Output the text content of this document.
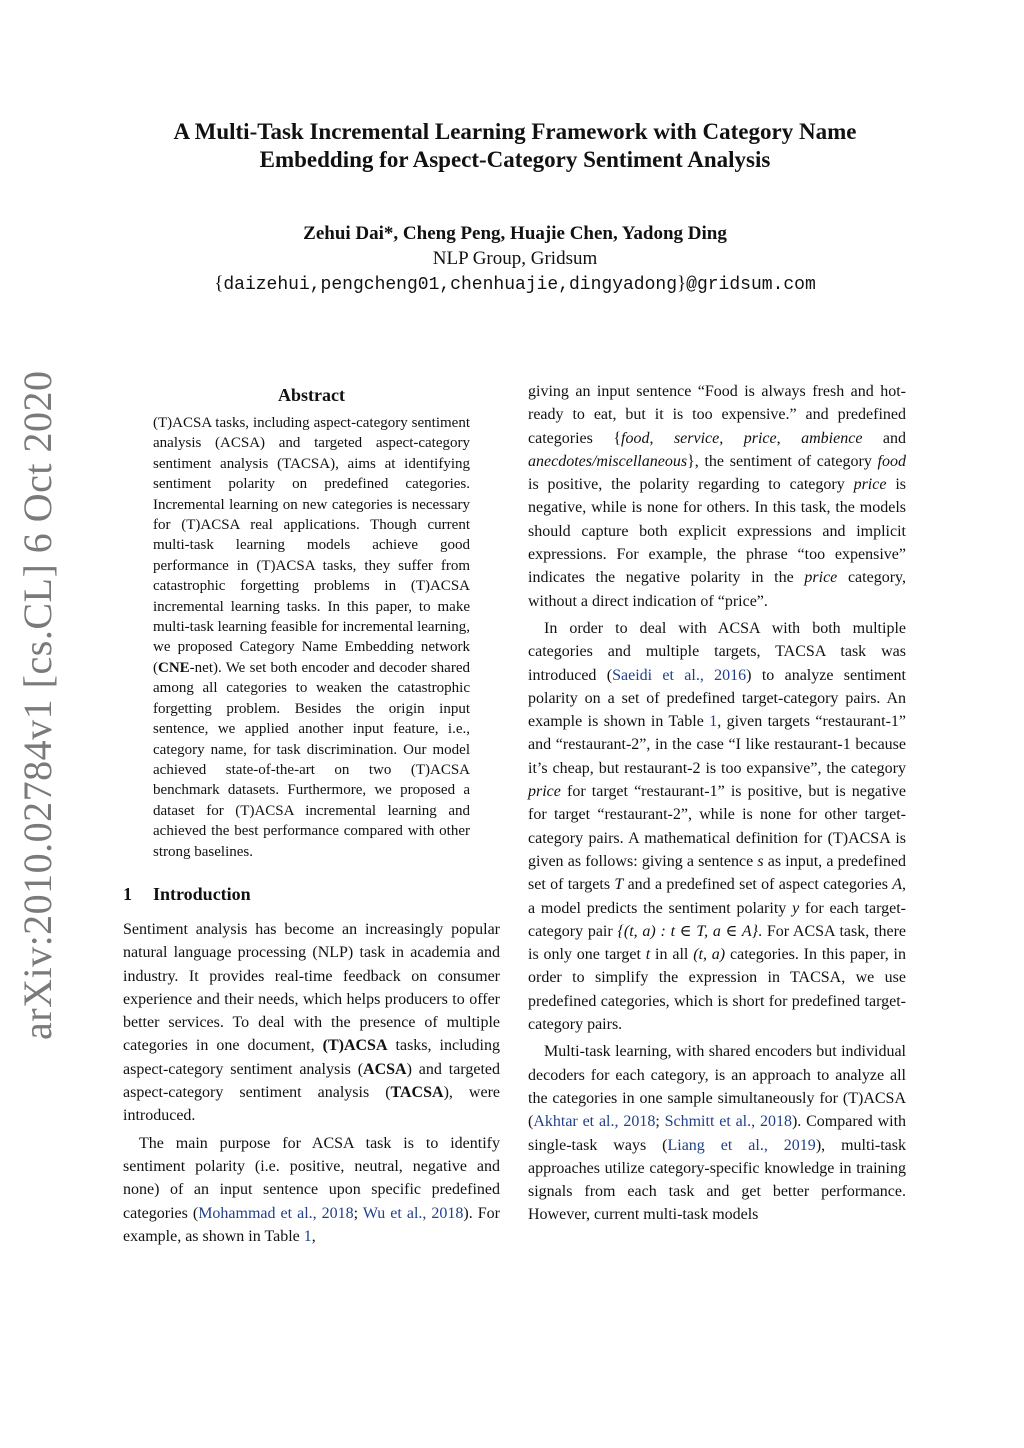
arXiv:2010.02784v1 [cs.CL] 6 Oct 2020
A Multi-Task Incremental Learning Framework with Category Name
Embedding for Aspect-Category Sentiment Analysis
Zehui Dai*, Cheng Peng, Huajie Chen, Yadong Ding
NLP Group, Gridsum
{daizehui,pengcheng01,chenhuajie,dingyadong}@gridsum.com
Abstract
(T)ACSA tasks, including aspect-category sentiment analysis (ACSA) and targeted aspect-category sentiment analysis (TACSA), aims at identifying sentiment polarity on predefined categories. Incremental learning on new categories is necessary for (T)ACSA real applications. Though current multi-task learning models achieve good performance in (T)ACSA tasks, they suffer from catastrophic forgetting problems in (T)ACSA incremental learning tasks. In this paper, to make multi-task learning feasible for incremental learning, we proposed Category Name Embedding network (CNE-net). We set both encoder and decoder shared among all categories to weaken the catastrophic forgetting problem. Besides the origin input sentence, we applied another input feature, i.e., category name, for task discrimination. Our model achieved state-of-the-art on two (T)ACSA benchmark datasets. Furthermore, we proposed a dataset for (T)ACSA incremental learning and achieved the best performance compared with other strong baselines.
1 Introduction

Sentiment analysis has become an increasingly popular natural language processing (NLP) task in academia and industry. It provides real-time feedback on consumer experience and their needs, which helps producers to offer better services. To deal with the presence of multiple categories in one document, (T)ACSA tasks, including aspect-category sentiment analysis (ACSA) and targeted aspect-category sentiment analysis (TACSA), were introduced.

The main purpose for ACSA task is to identify sentiment polarity (i.e. positive, neutral, negative and none) of an input sentence upon specific predefined categories (Mohammad et al., 2018; Wu et al., 2018). For example, as shown in Table 1,

giving an input sentence “Food is always fresh and hot-ready to eat, but it is too expensive.” and predefined categories {food, service, price, ambience and anecdotes/miscellaneous}, the sentiment of category food is positive, the polarity regarding to category price is negative, while is none for others. In this task, the models should capture both explicit expressions and implicit expressions. For example, the phrase “too expensive” indicates the negative polarity in the price category, without a direct indication of “price”.

In order to deal with ACSA with both multiple categories and multiple targets, TACSA task was introduced (Saeidi et al., 2016) to analyze sentiment polarity on a set of predefined target-category pairs. An example is shown in Table 1, given targets “restaurant-1” and “restaurant-2”, in the case “I like restaurant-1 because it’s cheap, but restaurant-2 is too expansive”, the category price for target “restaurant-1” is positive, but is negative for target “restaurant-2”, while is none for other target-category pairs. A mathematical definition for (T)ACSA is given as follows: giving a sentence s as input, a predefined set of targets T and a predefined set of aspect categories A, a model predicts the sentiment polarity y for each target-category pair {(t, a) : t ∈ T, a ∈ A}. For ACSA task, there is only one target t in all (t, a) categories. In this paper, in order to simplify the expression in TACSA, we use predefined categories, which is short for predefined target-category pairs.

Multi-task learning, with shared encoders but individual decoders for each category, is an approach to analyze all the categories in one sample simultaneously for (T)ACSA (Akhtar et al., 2018; Schmitt et al., 2018). Compared with single-task ways (Liang et al., 2019), multi-task approaches utilize category-specific knowledge in training signals from each task and get better performance. However, current multi-task models
